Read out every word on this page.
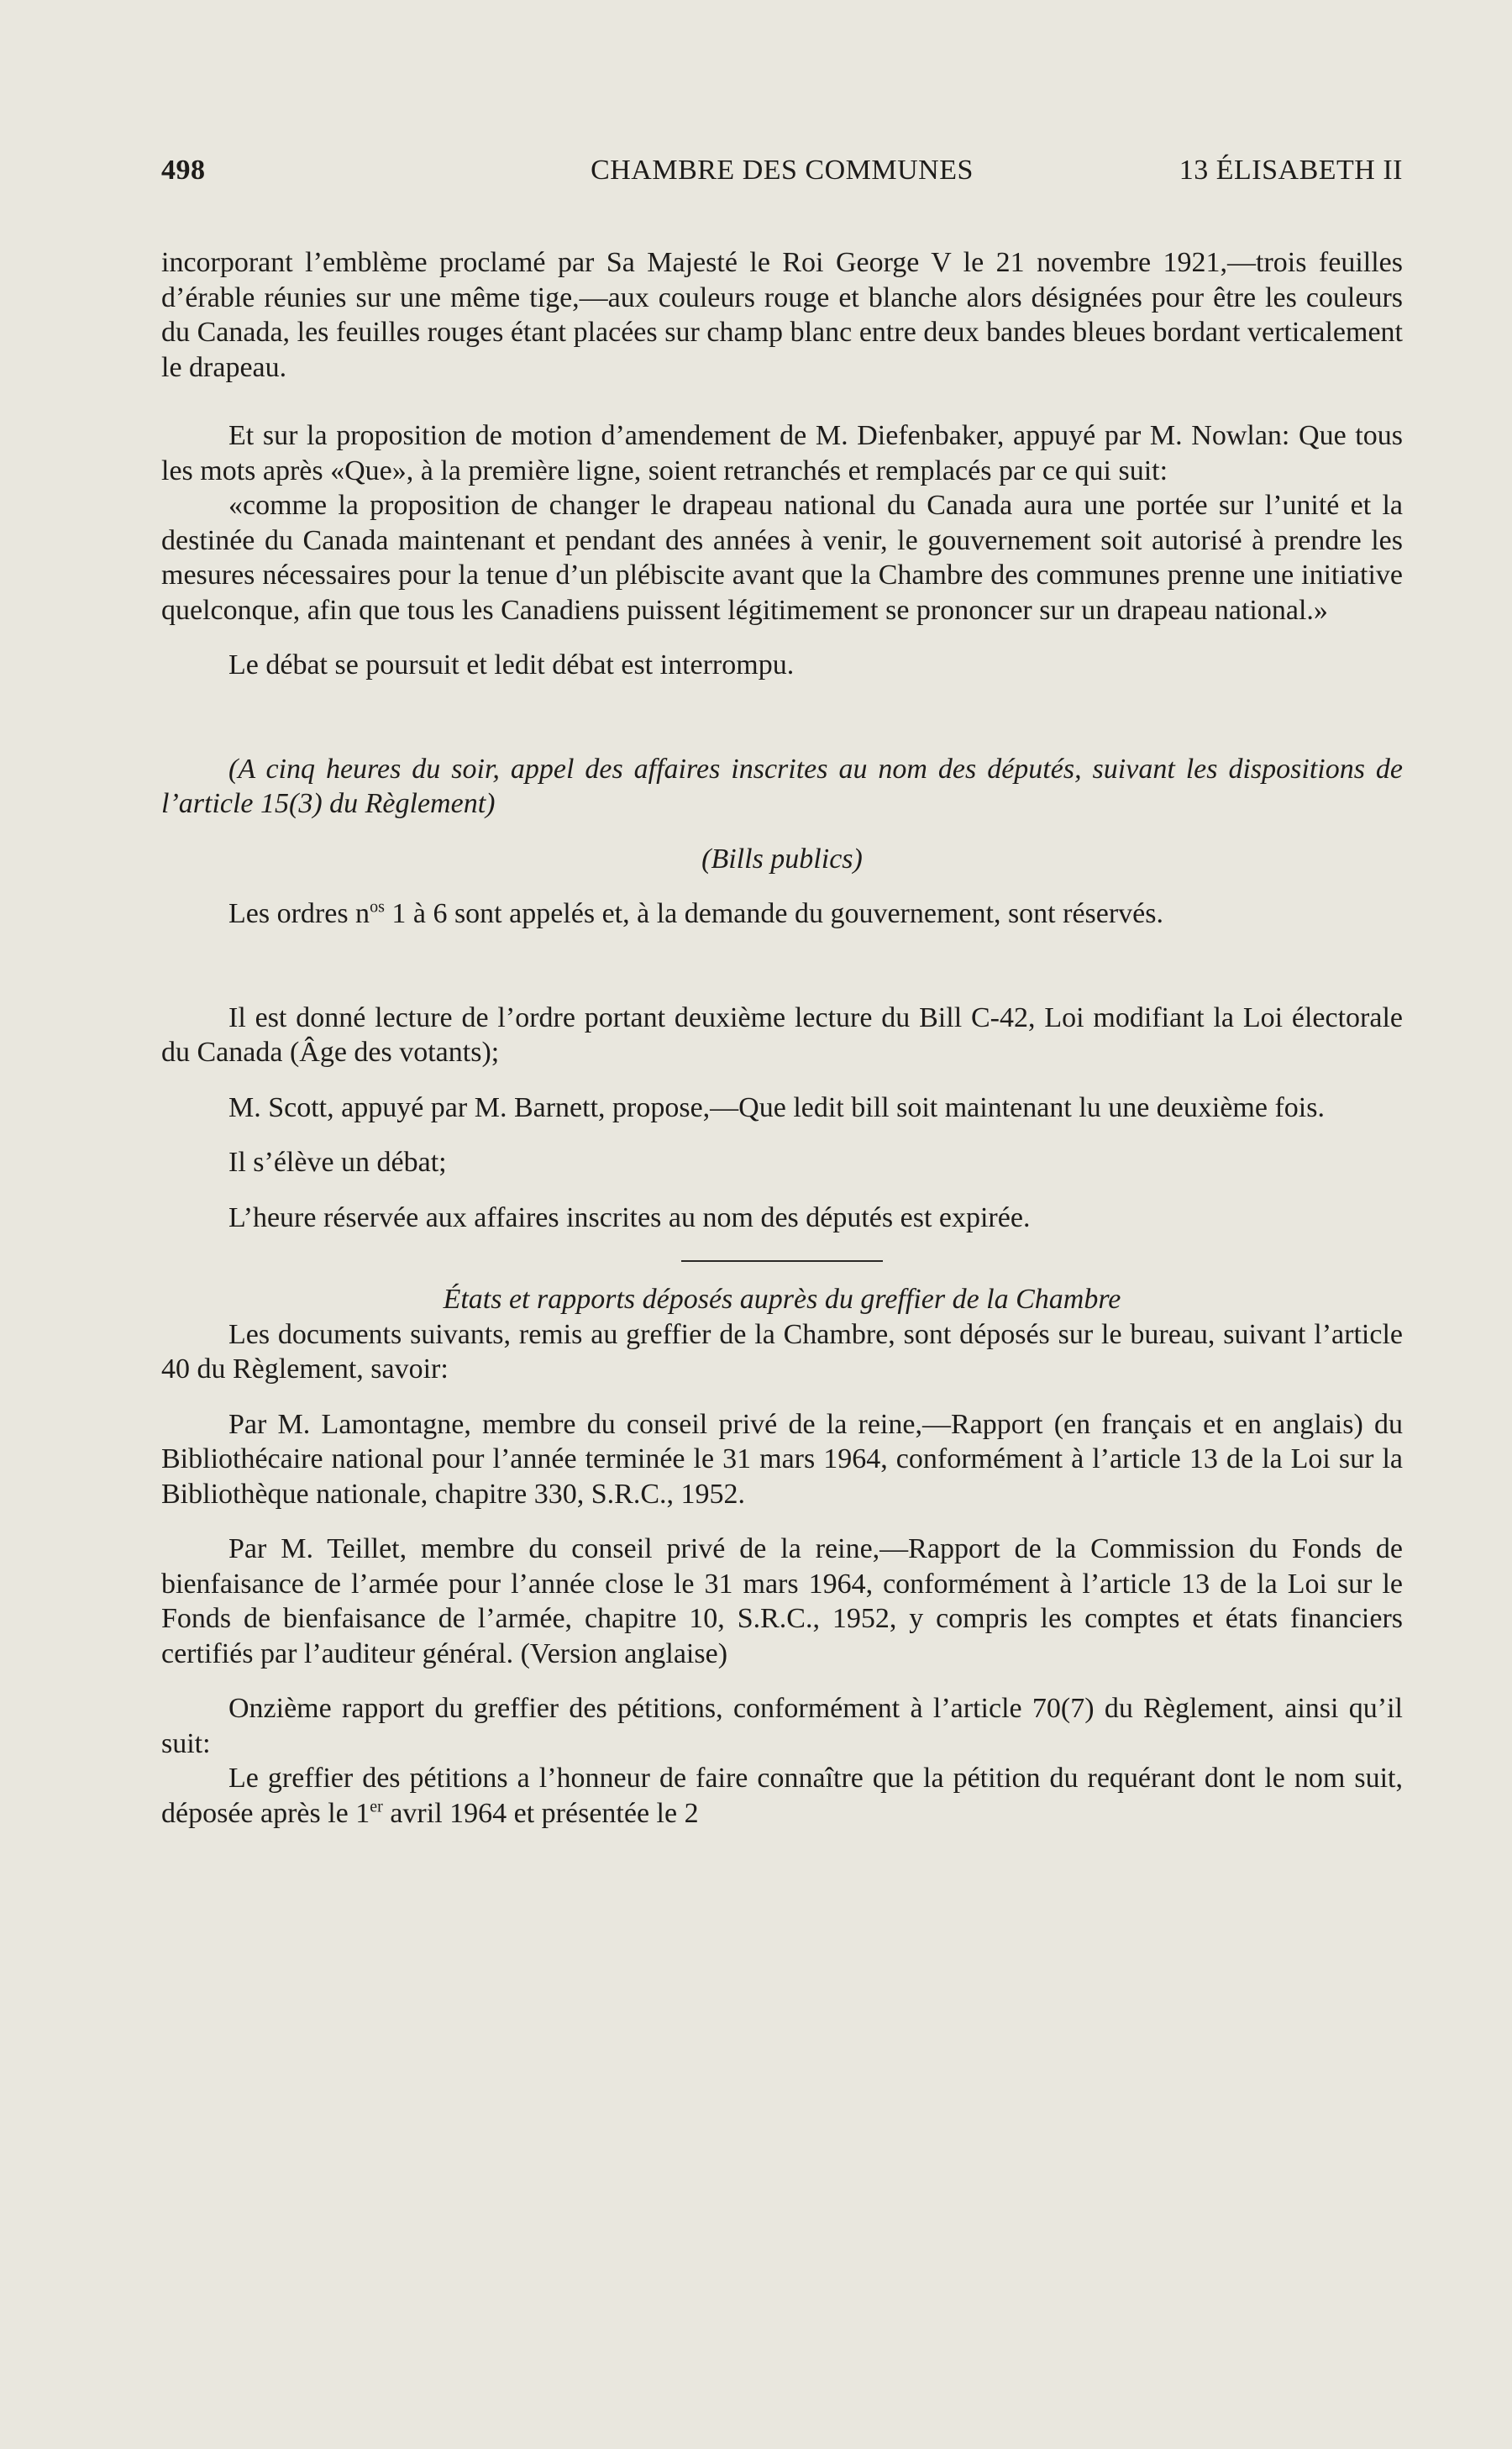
498	CHAMBRE DES COMMUNES	13 ÉLISABETH II

incorporant l’emblème proclamé par Sa Majesté le Roi George V le 21 novembre 1921,—trois feuilles d’érable réunies sur une même tige,—aux couleurs rouge et blanche alors désignées pour être les couleurs du Canada, les feuilles rouges étant placées sur champ blanc entre deux bandes bleues bordant verticalement le drapeau.

Et sur la proposition de motion d’amendement de M. Diefenbaker, appuyé par M. Nowlan: Que tous les mots après «Que», à la première ligne, soient retranchés et remplacés par ce qui suit:

«comme la proposition de changer le drapeau national du Canada aura une portée sur l’unité et la destinée du Canada maintenant et pendant des années à venir, le gouvernement soit autorisé à prendre les mesures nécessaires pour la tenue d’un plébiscite avant que la Chambre des communes prenne une initiative quelconque, afin que tous les Canadiens puissent légitimement se prononcer sur un drapeau national.»

Le débat se poursuit et ledit débat est interrompu.

(A cinq heures du soir, appel des affaires inscrites au nom des députés, suivant les dispositions de l’article 15(3) du Règlement)

(Bills publics)

Les ordres $n^{os}$ 1 à 6 sont appelés et, à la demande du gouvernement, sont réservés.

Il est donné lecture de l’ordre portant deuxième lecture du Bill C-42, Loi modifiant la Loi électorale du Canada (Âge des votants);

M. Scott, appuyé par M. Barnett, propose,—Que ledit bill soit maintenant lu une deuxième fois.

Il s’élève un débat;

L’heure réservée aux affaires inscrites au nom des députés est expirée.

États et rapports déposés auprès du greffier de la Chambre

Les documents suivants, remis au greffier de la Chambre, sont déposés sur le bureau, suivant l’article 40 du Règlement, savoir:

Par M. Lamontagne, membre du conseil privé de la reine,—Rapport (en français et en anglais) du Bibliothécaire national pour l’année terminée le 31 mars 1964, conformément à l’article 13 de la Loi sur la Bibliothèque nationale, chapitre 330, S.R.C., 1952.

Par M. Teillet, membre du conseil privé de la reine,—Rapport de la Commission du Fonds de bienfaisance de l’armée pour l’année close le 31 mars 1964, conformément à l’article 13 de la Loi sur le Fonds de bienfaisance de l’armée, chapitre 10, S.R.C., 1952, y compris les comptes et états financiers certifiés par l’auditeur général. (Version anglaise)

Onzième rapport du greffier des pétitions, conformément à l’article 70(7) du Règlement, ainsi qu’il suit:

Le greffier des pétitions a l’honneur de faire connaître que la pétition du requérant dont le nom suit, déposée après le 1er avril 1964 et présentée le 2
